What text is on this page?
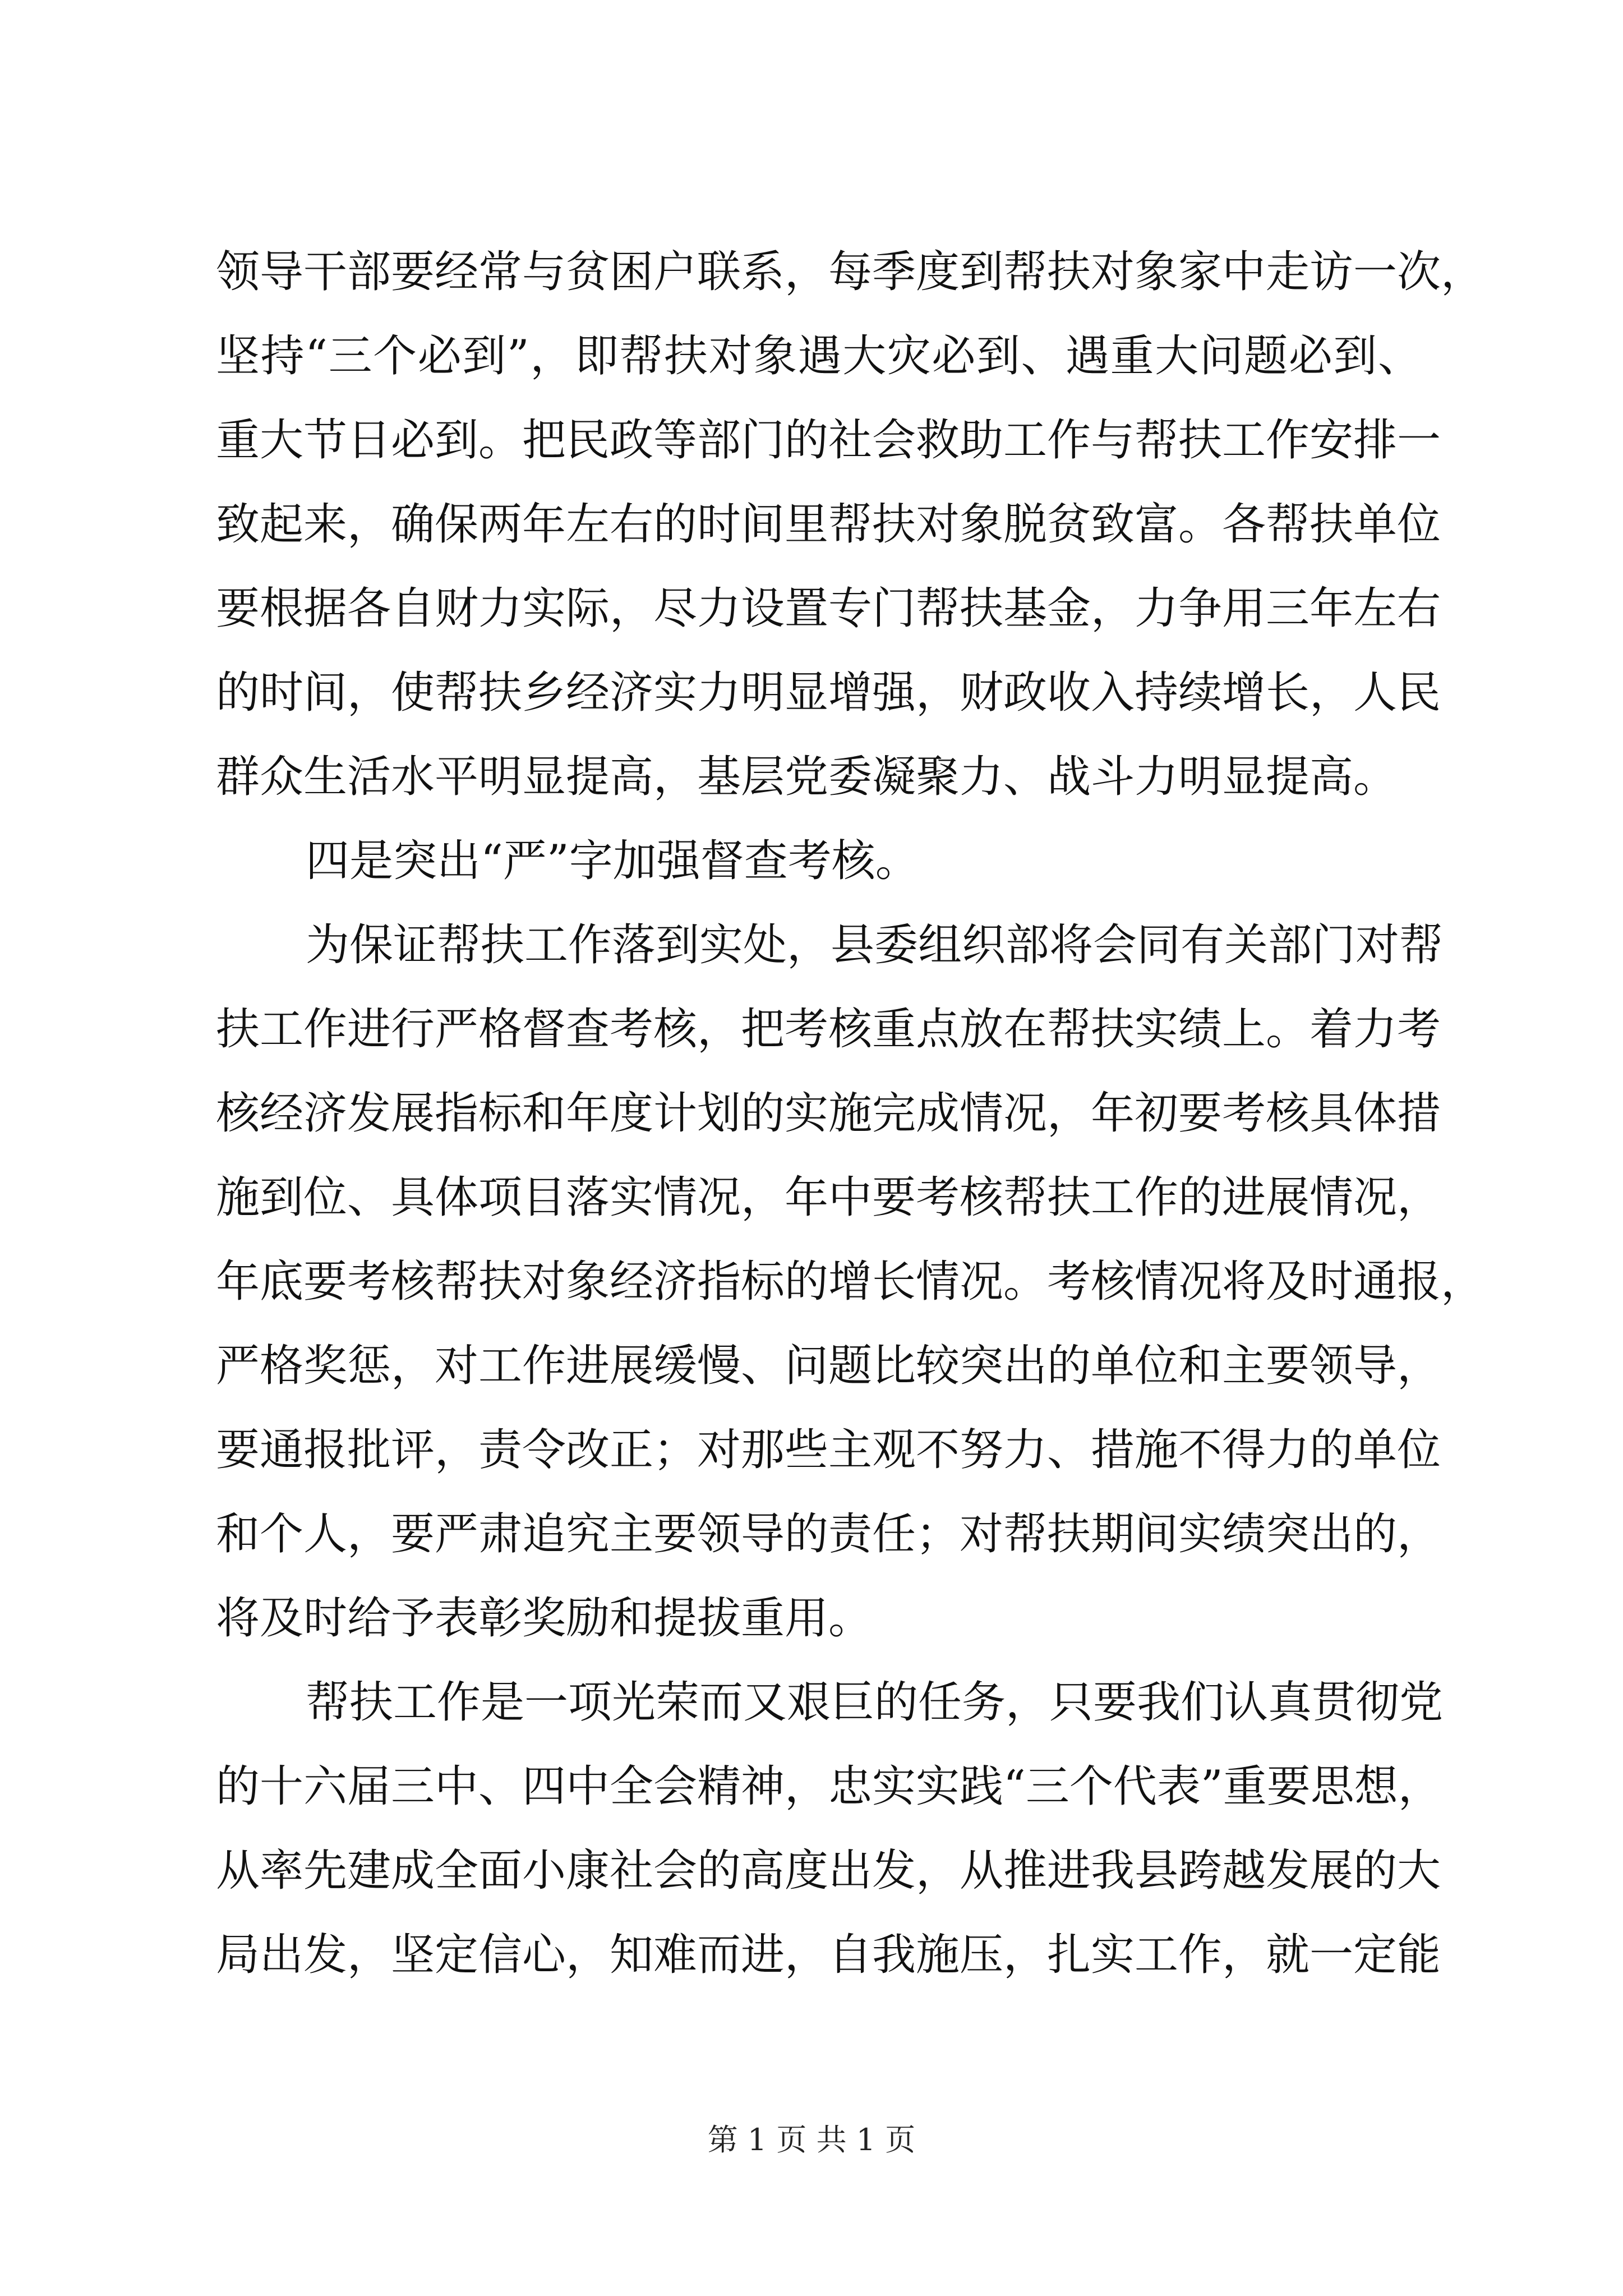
领导干部要经常与贫困户联系，每季度到帮扶对象家中走访一次，
坚持“三个必到”，即帮扶对象遇大灾必到、遇重大问题必到、
重大节日必到。把民政等部门的社会救助工作与帮扶工作安排一
致起来，确保两年左右的时间里帮扶对象脱贫致富。各帮扶单位
要根据各自财力实际，尽力设置专门帮扶基金，力争用三年左右
的时间，使帮扶乡经济实力明显增强，财政收入持续增长，人民
群众生活水平明显提高，基层党委凝聚力、战斗力明显提高。
四是突出“严”字加强督查考核。
为保证帮扶工作落到实处，县委组织部将会同有关部门对帮
扶工作进行严格督查考核，把考核重点放在帮扶实绩上。着力考
核经济发展指标和年度计划的实施完成情况，年初要考核具体措
施到位、具体项目落实情况，年中要考核帮扶工作的进展情况，
年底要考核帮扶对象经济指标的增长情况。考核情况将及时通报，
严格奖惩，对工作进展缓慢、问题比较突出的单位和主要领导，
要通报批评，责令改正；对那些主观不努力、措施不得力的单位
和个人，要严肃追究主要领导的责任；对帮扶期间实绩突出的，
将及时给予表彰奖励和提拔重用。
帮扶工作是一项光荣而又艰巨的任务，只要我们认真贯彻党
的十六届三中、四中全会精神，忠实实践“三个代表”重要思想，
从率先建成全面小康社会的高度出发，从推进我县跨越发展的大
局出发，坚定信心，知难而进，自我施压，扎实工作，就一定能
第 1 页 共 1 页
